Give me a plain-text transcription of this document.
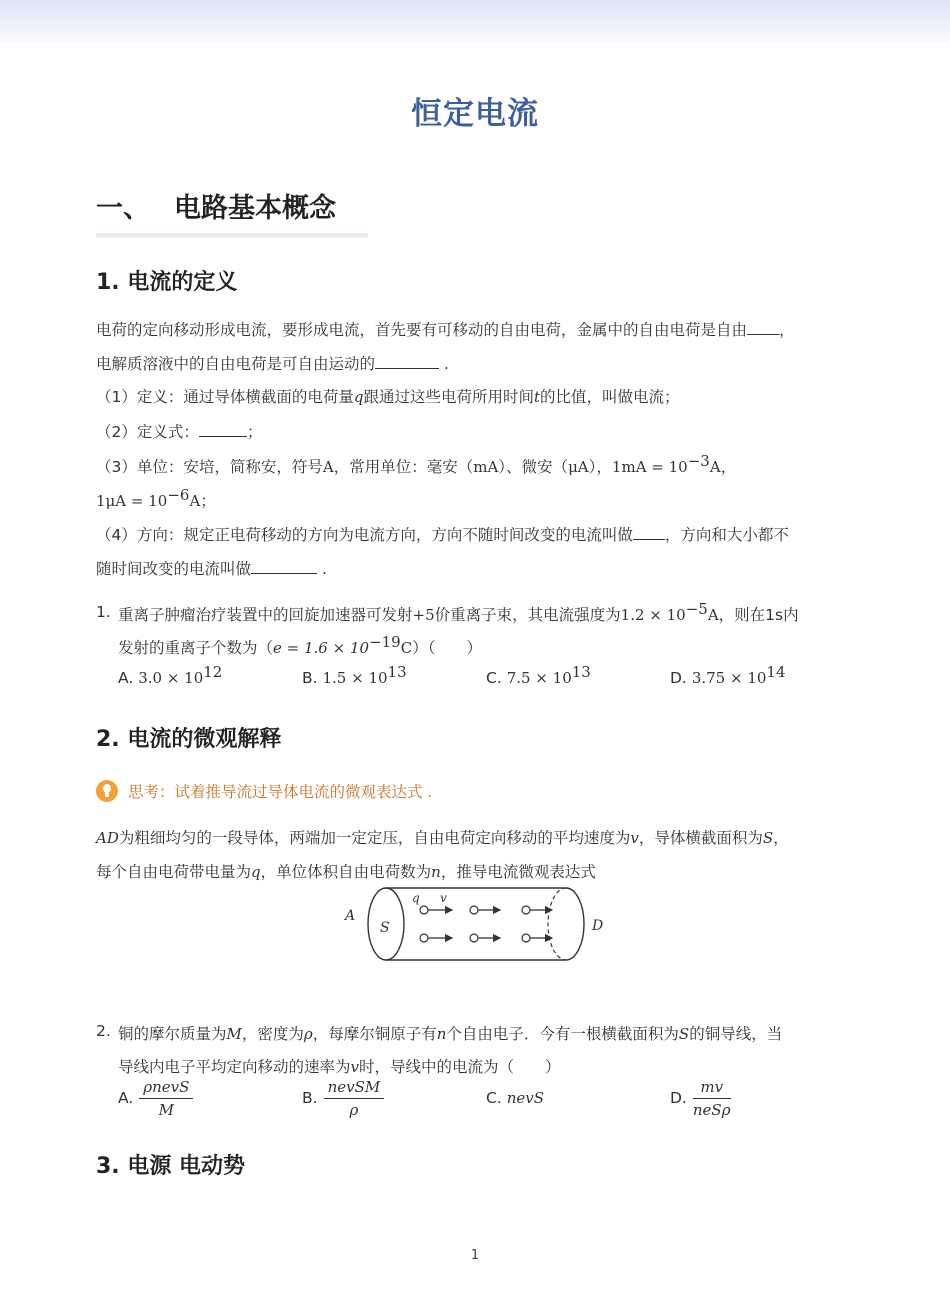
恒定电流
一、 电路基本概念
1. 电流的定义
电荷的定向移动形成电流，要形成电流，首先要有可移动的自由电荷，金属中的自由电荷是自由 ，
电解质溶液中的自由电荷是可自由运动的	.
（1）定义：通过导体横截面的电荷量q跟通过这些电荷所用时间t的比值，叫做电流；
（2）定义式：	；
（3）单位：安培，简称安，符号A，常用单位：毫安（mA）、微安（μA），$1mA = 10^{-3}A$，
$1\mu A = 10^{-6}A$；
（4）方向：规定正电荷移动的方向为电流方向，方向不随时间改变的电流叫做 ，方向和大小都不
随时间改变的电流叫做	.
1. 重离子肿瘤治疗装置中的回旋加速器可发射+5价重离子束，其电流强度为$1.2 \times 10^{-5}A$，则在1s内
发射的重离子个数为$(e = 1.6 \times 10^{-19}C)$（　　）
A. $3.0 \times 10^{12}$	B. $1.5 \times 10^{13}$	C. $7.5 \times 10^{13}$	D. $3.75 \times 10^{14}$
2. 电流的微观解释
思考：试着推导流过导体电流的微观表达式 .
AD为粗细均匀的一段导体，两端加一定定压，自由电荷定向移动的平均速度为v，导体横截面积为S，
每个自由电荷带电量为q，单位体积自由电荷数为n，推导电流微观表达式
A
S
q v
D
2. 铜的摩尔质量为M，密度为ρ，每摩尔铜原子有n个自由电子．今有一根横截面积为S的铜导线，当
导线内电子平均定向移动的速率为v时，导线中的电流为（　　）
A. $\frac{\text{ρnevS}}{M}$	B. $\frac{\text{nevSM}}{\rho}$	C. nevS	D. $\frac{mv}{\text{neSρ}}$
3. 电源 电动势
1
